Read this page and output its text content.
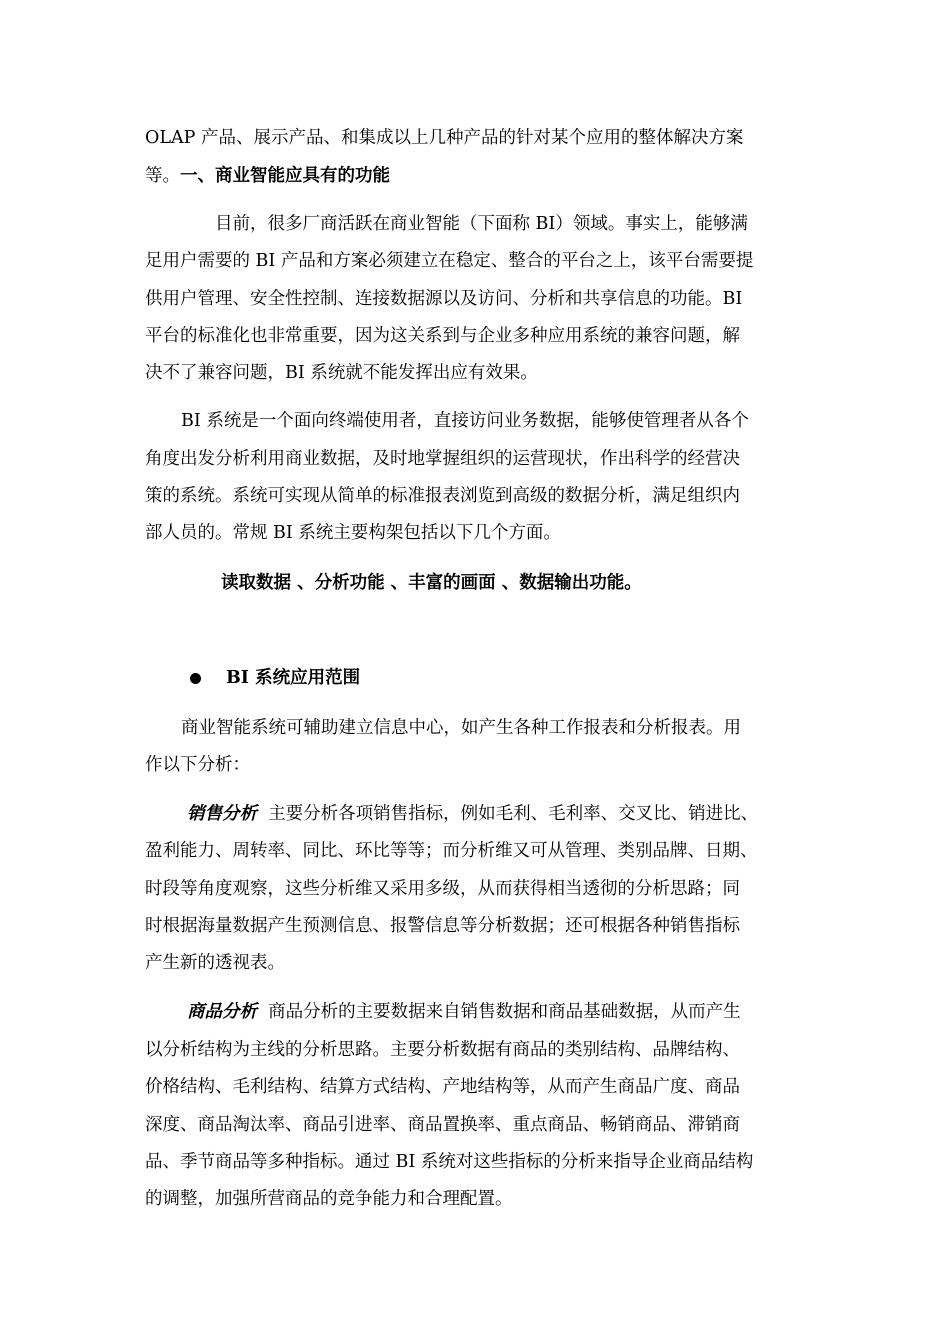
OLAP 产品、展示产品、和集成以上几种产品的针对某个应用的整体解决方案
等。一、商业智能应具有的功能
目前，很多厂商活跃在商业智能（下面称 BI）领域。事实上，能够满
足用户需要的 BI 产品和方案必须建立在稳定、整合的平台之上，该平台需要提
供用户管理、安全性控制、连接数据源以及访问、分析和共享信息的功能。BI
平台的标准化也非常重要，因为这关系到与企业多种应用系统的兼容问题，解
决不了兼容问题，BI 系统就不能发挥出应有效果。
BI 系统是一个面向终端使用者，直接访问业务数据，能够使管理者从各个
角度出发分析利用商业数据，及时地掌握组织的运营现状，作出科学的经营决
策的系统。系统可实现从简单的标准报表浏览到高级的数据分析，满足组织内
部人员的。常规 BI 系统主要构架包括以下几个方面。
读取数据 、分析功能 、丰富的画面 、数据输出功能。
BI 系统应用范围
商业智能系统可辅助建立信息中心，如产生各种工作报表和分析报表。用
作以下分析：
销售分析 主要分析各项销售指标，例如毛利、毛利率、交叉比、销进比、
盈利能力、周转率、同比、环比等等；而分析维又可从管理、类别品牌、日期、
时段等角度观察，这些分析维又采用多级，从而获得相当透彻的分析思路；同
时根据海量数据产生预测信息、报警信息等分析数据；还可根据各种销售指标
产生新的透视表。
商品分析 商品分析的主要数据来自销售数据和商品基础数据，从而产生
以分析结构为主线的分析思路。主要分析数据有商品的类别结构、品牌结构、
价格结构、毛利结构、结算方式结构、产地结构等，从而产生商品广度、商品
深度、商品淘汰率、商品引进率、商品置换率、重点商品、畅销商品、滞销商
品、季节商品等多种指标。通过 BI 系统对这些指标的分析来指导企业商品结构
的调整，加强所营商品的竞争能力和合理配置。
